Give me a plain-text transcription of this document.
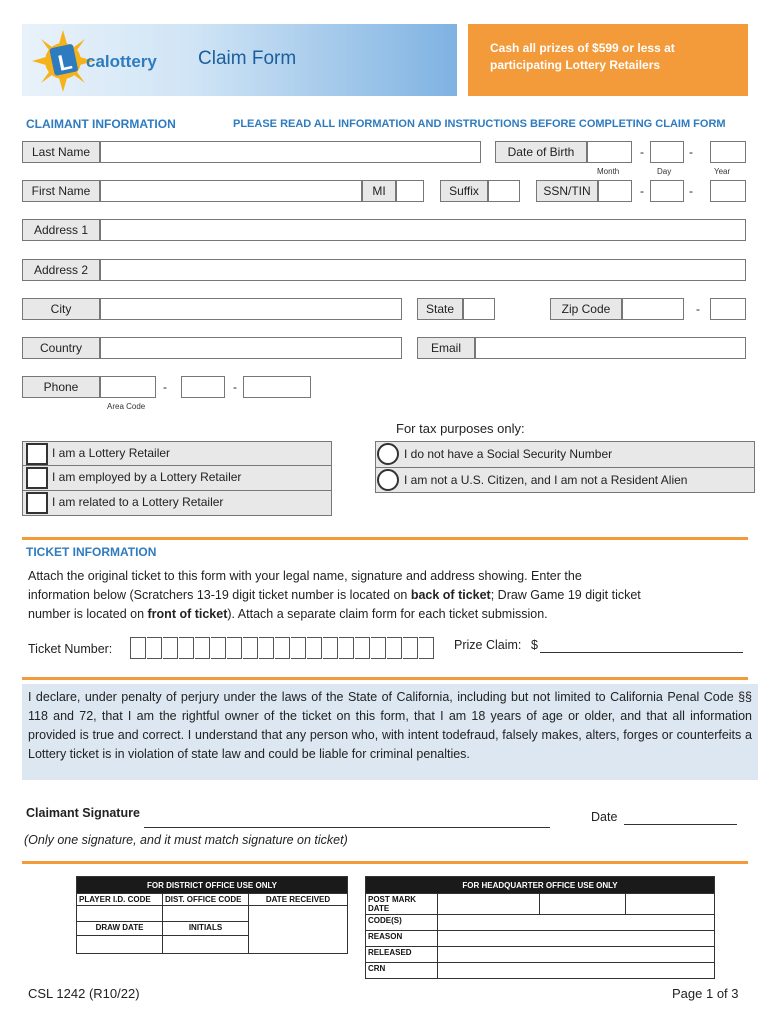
L calottery Claim Form	Cash all prizes of $599 or less at participating Lottery Retailers
CLAIMANT INFORMATION	PLEASE READ ALL INFORMATION AND INSTRUCTIONS BEFORE COMPLETING CLAIM FORM
Last Name	Date of Birth	-	-
Month	Day	Year
First Name	MI	Suffix	SSN/TIN	-	-
Address 1
Address 2
City	State	Zip Code	-
Country	Email
Phone	-	-
Area Code
I am a Lottery Retailer
I am employed by a Lottery Retailer
I am related to a Lottery Retailer
For tax purposes only:
I do not have a Social Security Number
I am not a U.S. Citizen, and I am not a Resident Alien
TICKET INFORMATION
Attach the original ticket to this form with your legal name, signature and address showing. Enter the
information below (Scratchers 13-19 digit ticket number is located on back of ticket; Draw Game 19 digit ticket
number is located on front of ticket). Attach a separate claim form for each ticket submission.
Ticket Number:	Prize Claim: $

I declare, under penalty of perjury under the laws of the State of California, including but not limited to California Penal Code §§ 118 and 72, that I am the rightful owner of the ticket on this form, that I am 18 years of age or older, and that all information provided is true and correct. I understand that any person who, with intent todefraud, falsely makes, alters, forges or counterfeits a Lottery ticket is in violation of state law and could be liable for criminal penalties.

Claimant Signature
(Only one signature, and it must match signature on ticket)
Date
FOR DISTRICT OFFICE USE ONLY		
PLAYER I.D. CODE	DIST. OFFICE CODE	DATE RECEIVED

DRAW DATE	INITIALS	

FOR HEADQUARTER OFFICE USE ONLY			
POST MARK DATE			
CODE(S)			
REASON			
RELEASED			
CRN			
CSL 1242 (R10/22)	Page 1 of 3
